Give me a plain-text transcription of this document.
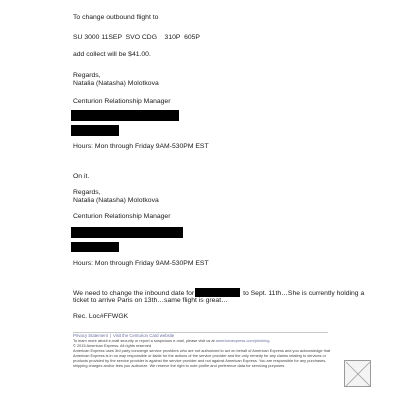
To change outbound flight to
SU 3000 11SEP  SVO CDG    310P  605P
add collect will be $41.00.
Regards,
Natalia (Natasha) Molotkova
Centurion Relationship Manager
Hours: Mon through Friday 9AM-530PM EST
On it.
Regards,
Natalia (Natasha) Molotkova
Centurion Relationship Manager
Hours: Mon through Friday 9AM-530PM EST
We need to change the inbound date for	to Sept. 11th…She is currently holding a
ticket to arrive Paris on 13th…same flight is great…
Rec. Loc#FFWGK
Privacy Statement | Visit the Centurion Card website
To learn more about e-mail security or report a suspicious e-mail, please visit us at americanexpress.com/phishing.
© 2015 American Express. All rights reserved
American Express uses 3rd party concierge service providers who are not authorized to act on behalf of American Express and you acknowledge that American Express is in no way responsible or liable for the actions of the service provider and the only remedy for any claims relating to services or products provided by the service provider is against the service provider and not against American Express. You are responsible for any purchases, shipping charges and/or fees you authorize. We reserve the right to note profile and preference data for servicing purposes.
